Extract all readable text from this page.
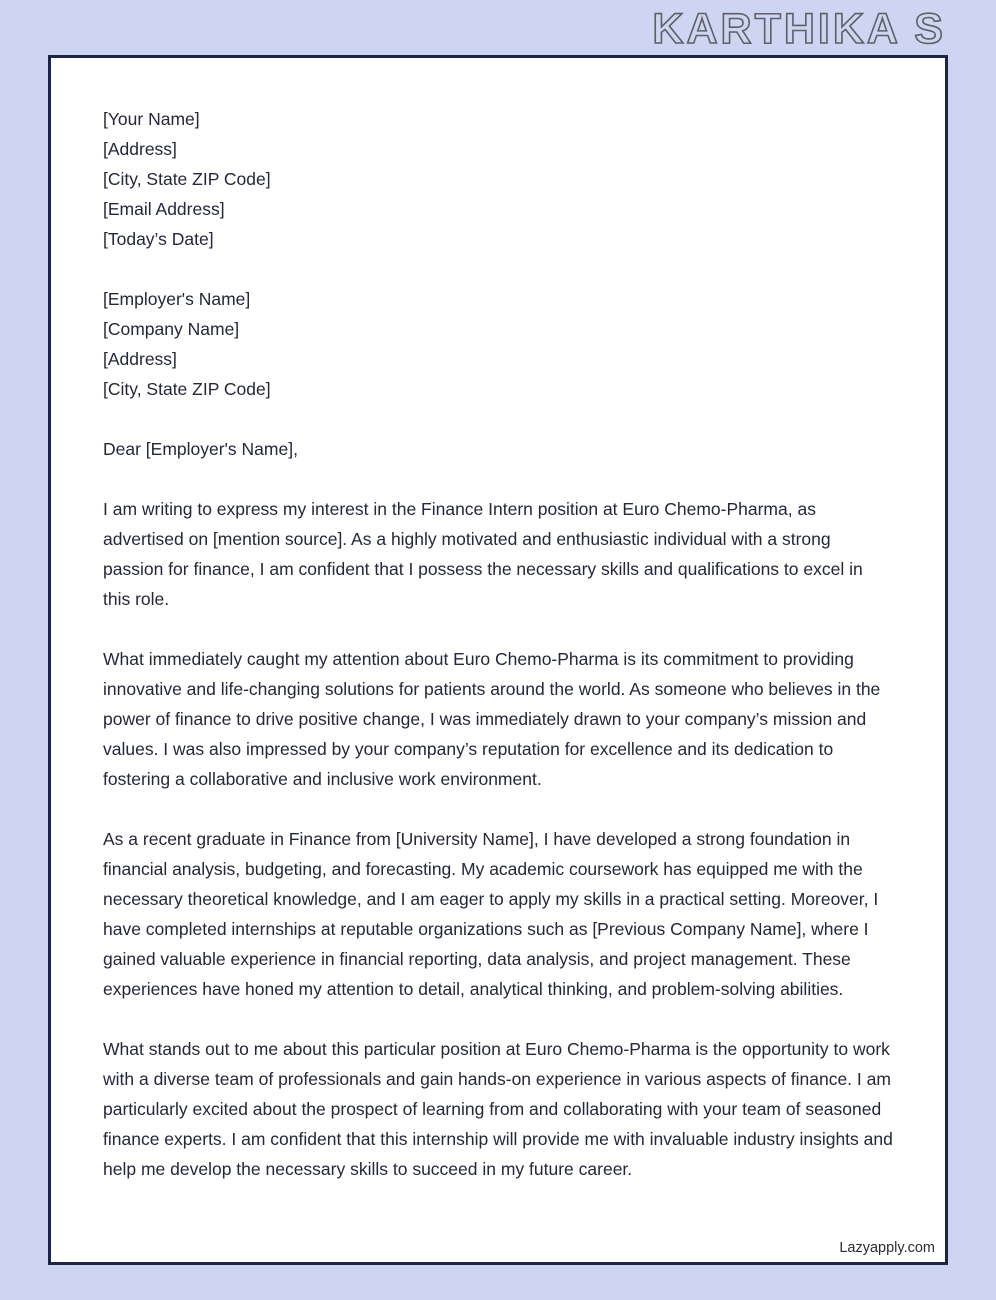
KARTHIKA S
[Your Name]
[Address]
[City, State ZIP Code]
[Email Address]
[Today’s Date]
[Employer's Name]
[Company Name]
[Address]
[City, State ZIP Code]
Dear [Employer's Name],

I am writing to express my interest in the Finance Intern position at Euro Chemo-Pharma, as advertised on [mention source]. As a highly motivated and enthusiastic individual with a strong passion for finance, I am confident that I possess the necessary skills and qualifications to excel in this role.

What immediately caught my attention about Euro Chemo-Pharma is its commitment to providing innovative and life-changing solutions for patients around the world. As someone who believes in the power of finance to drive positive change, I was immediately drawn to your company’s mission and values. I was also impressed by your company’s reputation for excellence and its dedication to fostering a collaborative and inclusive work environment.

As a recent graduate in Finance from [University Name], I have developed a strong foundation in financial analysis, budgeting, and forecasting. My academic coursework has equipped me with the necessary theoretical knowledge, and I am eager to apply my skills in a practical setting. Moreover, I have completed internships at reputable organizations such as [Previous Company Name], where I gained valuable experience in financial reporting, data analysis, and project management. These experiences have honed my attention to detail, analytical thinking, and problem-solving abilities.

What stands out to me about this particular position at Euro Chemo-Pharma is the opportunity to work with a diverse team of professionals and gain hands-on experience in various aspects of finance. I am particularly excited about the prospect of learning from and collaborating with your team of seasoned finance experts. I am confident that this internship will provide me with invaluable industry insights and help me develop the necessary skills to succeed in my future career.

Lazyapply.com
